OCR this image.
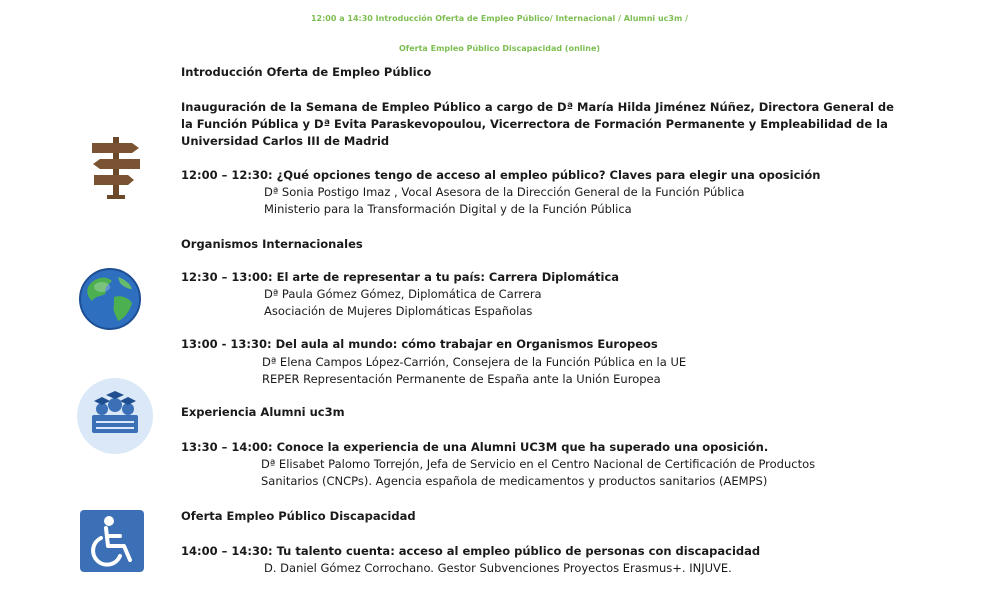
12:00 a 14:30 Introducción Oferta de Empleo Público/ Internacional / Alumni uc3m /
Oferta Empleo Público Discapacidad (online)
Introducción Oferta de Empleo Público
Inauguración de la Semana de Empleo Público a cargo de Dª María Hilda Jiménez Núñez, Directora General de
la Función Pública y Dª Evita Paraskevopoulou, Vicerrectora de Formación Permanente y Empleabilidad de la
Universidad Carlos III de Madrid
12:00 – 12:30: ¿Qué opciones tengo de acceso al empleo público? Claves para elegir una oposición
Dª Sonia Postigo Imaz , Vocal Asesora de la Dirección General de la Función Pública
Ministerio para la Transformación Digital y de la Función Pública
Organismos Internacionales
12:30 – 13:00: El arte de representar a tu país: Carrera Diplomática
Dª Paula Gómez Gómez, Diplomática de Carrera
Asociación de Mujeres Diplomáticas Españolas
13:00 - 13:30: Del aula al mundo: cómo trabajar en Organismos Europeos
Dª Elena Campos López-Carrión, Consejera de la Función Pública en la UE
REPER Representación Permanente de España ante la Unión Europea
Experiencia Alumni uc3m
13:30 – 14:00: Conoce la experiencia de una Alumni UC3M que ha superado una oposición.
Dª Elisabet Palomo Torrejón, Jefa de Servicio en el Centro Nacional de Certificación de Productos
Sanitarios (CNCPs). Agencia española de medicamentos y productos sanitarios (AEMPS)
Oferta Empleo Público Discapacidad
14:00 – 14:30: Tu talento cuenta: acceso al empleo público de personas con discapacidad
D. Daniel Gómez Corrochano. Gestor Subvenciones Proyectos Erasmus+. INJUVE.
